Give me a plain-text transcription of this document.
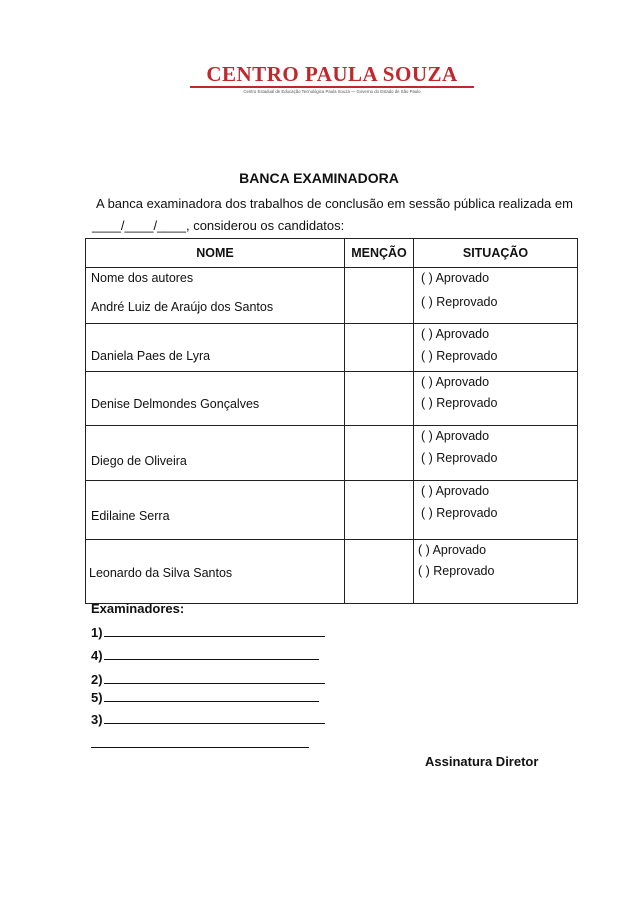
CENTRO PAULA SOUZA
Centro Estadual de Educação Tecnológica Paula Souza — Governo do Estado de São Paulo
BANCA EXAMINADORA
A banca examinadora dos trabalhos de conclusão em sessão pública realizada em
____/____/____, considerou os candidatos:
NOME	MENÇÃO	SITUAÇÃO

Nome dos autores
André Luiz de Araújo dos Santos		( ) Aprovado
( ) Reprovado

Daniela Paes de Lyra		( ) Aprovado
( ) Reprovado

Denise Delmondes Gonçalves		( ) Aprovado
( ) Reprovado

Diego de Oliveira		( ) Aprovado
( ) Reprovado

Edilaine Serra		( ) Aprovado
( ) Reprovado

Leonardo da Silva Santos		( ) Aprovado
( ) Reprovado
Examinadores:
1)
4)
2)
5)
3)
Assinatura Diretor
